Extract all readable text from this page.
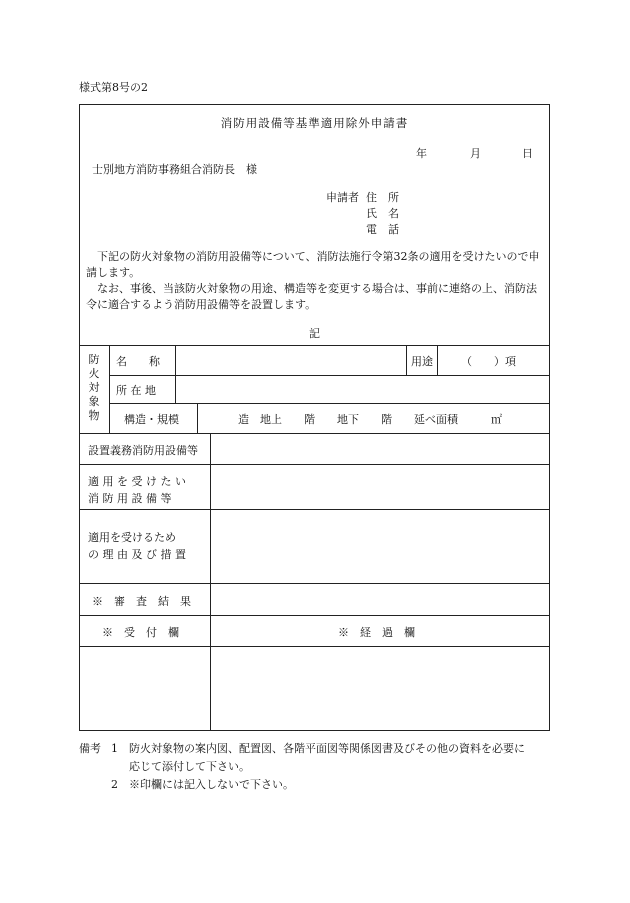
様式第8号の2
消防用設備等基準適用除外申請書
年	月	日
士別地方消防事務組合消防長　様
申請者 住　所
氏　名
電　話

下記の防火対象物の消防用設備等について、消防法施行令第32条の適用を受けたいので申請します。

なお、事後、当該防火対象物の用途、構造等を変更する場合は、事前に連絡の上、消防法令に適合するよう消防用設備等を設置します。

記
防
火
対
象
物
名　　称	用途	（　　）項
所 在 地
構造・規模	造　地上　　階　　地下　　階　　延べ面積　　　㎡
設置義務消防用設備等
適 用 を 受 け た い
消 防 用 設 備 等
適用を受けるため
の 理 由 及 び 措 置
※　審　査　結　果
※　受　付　欄	※　経　過　欄
備考 1	防火対象物の案内図、配置図、各階平面図等関係図書及びその他の資料を必要に
応じて添付して下さい。
2	※印欄には記入しないで下さい。
